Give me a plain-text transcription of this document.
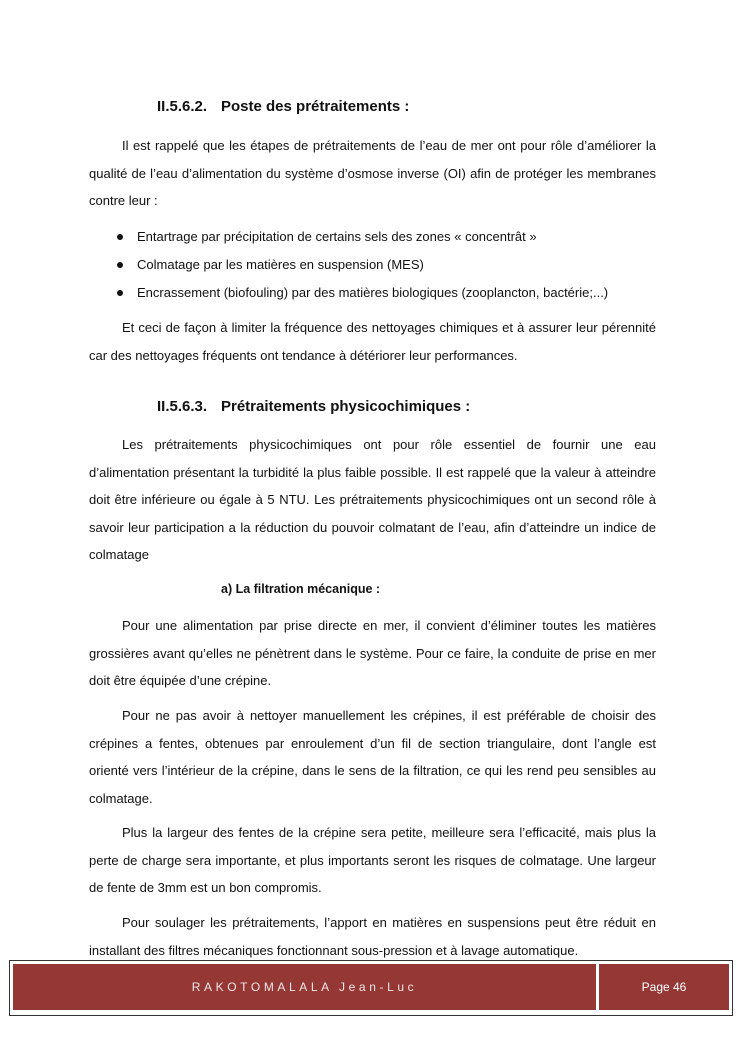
II.5.6.2. Poste des prétraitements :

Il est rappelé que les étapes de prétraitements de l’eau de mer ont pour rôle d’améliorer la qualité de l’eau d’alimentation du système d’osmose inverse (OI) afin de protéger les membranes contre leur :

Entartrage par précipitation de certains sels des zones « concentrât »
Colmatage par les matières en suspension (MES)
Encrassement (biofouling) par des matières biologiques (zooplancton, bactérie;...)

Et ceci de façon à limiter la fréquence des nettoyages chimiques et à assurer leur pérennité car des nettoyages fréquents ont tendance à détériorer leur performances.

II.5.6.3. Prétraitements physicochimiques :

Les prétraitements physicochimiques ont pour rôle essentiel de fournir une eau d’alimentation présentant la turbidité la plus faible possible. Il est rappelé que la valeur à atteindre doit être inférieure ou égale à 5 NTU. Les prétraitements physicochimiques ont un second rôle à savoir leur participation a la réduction du pouvoir colmatant de l’eau, afin d’atteindre un indice de colmatage

a) La filtration mécanique :

Pour une alimentation par prise directe en mer, il convient d’éliminer toutes les matières grossières avant qu’elles ne pénètrent dans le système. Pour ce faire, la conduite de prise en mer doit être équipée d’une crépine.

Pour ne pas avoir à nettoyer manuellement les crépines, il est préférable de choisir des crépines a fentes, obtenues par enroulement d’un fil de section triangulaire, dont l’angle est orienté vers l’intérieur de la crépine, dans le sens de la filtration, ce qui les rend peu sensibles au colmatage.

Plus la largeur des fentes de la crépine sera petite, meilleure sera l’efficacité, mais plus la perte de charge sera importante, et plus importants seront les risques de colmatage. Une largeur de fente de 3mm est un bon compromis.

Pour soulager les prétraitements, l’apport en matières en suspensions peut être réduit en installant des filtres mécaniques fonctionnant sous-pression et à lavage automatique.

RAKOTOMALALA Jean-Luc	Page 46
